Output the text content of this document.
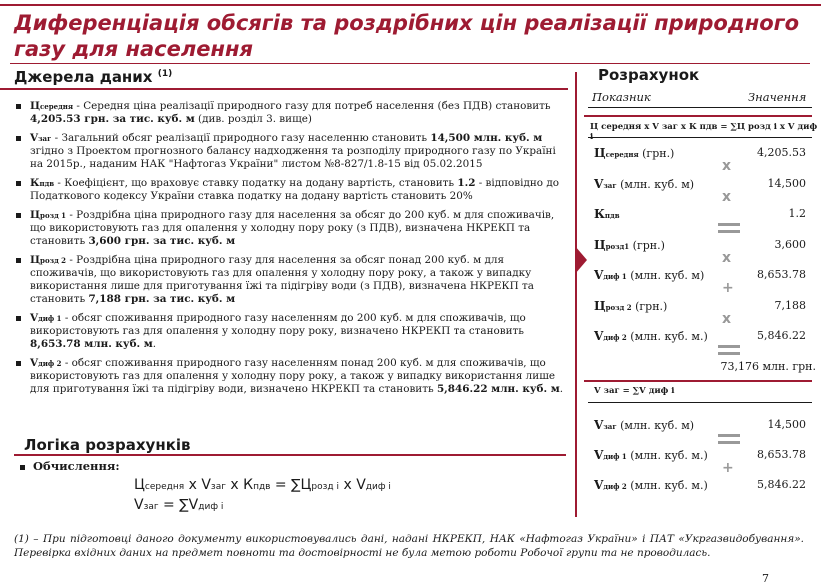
Диференціація обсягів та роздрібних цін реалізації природного газу для населення
Джерела даних $^{(1)}$
Цсередня - Середня ціна реалізації природного газу для потреб населення (без ПДВ) становить 4,205.53 грн. за тис. куб. м (див. розділ 3. вище)
Vзаг - Загальний обсяг реалізації природного газу населенню становить 14,500 млн. куб. м згідно з Проектом прогнозного балансу надходження та розподілу природного газу по Україні на 2015р., наданим НАК "Нафтогаз України" листом №8-827/1.8-15 від 05.02.2015
Кпдв - Коефіцієнт, що враховує ставку податку на додану вартість, становить 1.2 - відповідно до Податкового кодексу України ставка податку на додану вартість становить 20%
Црозд 1 - Роздрібна ціна природного газу для населення за обсяг до 200 куб. м для споживачів, що використовують газ для опалення у холодну пору року (з ПДВ), визначена НКРЕКП та становить 3,600 грн. за тис. куб. м
Црозд 2 - Роздрібна ціна природного газу для населення за обсяг понад 200 куб. м для споживачів, що використовують газ для опалення у холодну пору року, а також у випадку використання лише для приготування їжі та підігріву води (з ПДВ), визначена НКРЕКП та становить 7,188 грн. за тис. куб. м
Vдиф 1 - обсяг споживання природного газу населенням до 200 куб. м для споживачів, що використовують газ для опалення у холодну пору року, визначено НКРЕКП та становить 8,653.78 млн. куб. м.
Vдиф 2 - обсяг споживання природного газу населенням понад 200 куб. м для споживачів, що використовують газ для опалення у холодну пору року, а також у випадку використання лише для приготування їжі та підігріву води, визначено НКРЕКП та становить 5,846.22 млн. куб. м.
Логіка розрахунків
Обчислення:
Цсередня x Vзаг x Кпдв = ∑Црозд і x Vдиф і
Vзаг = ∑Vдиф і
(1) – При підготовці даного документу використовувались дані, надані НКРЕКП, НАК «Нафтогаз України» і ПАТ «Укргазвидобування». Перевірка вхідних даних на предмет повноти та достовірності не була метою роботи Робочої групи та не проводилась.
7
Розрахунок
Показник	Значення
Ц середня х V заг х К пдв = ∑Ц розд і х V диф
Цсередня (грн.)	4,205.53
Vзаг (млн. куб. м)	14,500
Кпдв	1.2
Црозд1 (грн.)	3,600
Vдиф 1 (млн. куб. м)	8,653.78
Црозд 2 (грн.)	7,188
Vдиф 2 (млн. куб. м.)	5,846.22
x
x
x
+
x
73,176 млн. грн.
V заг = ∑V диф і
Vзаг (млн. куб. м)	14,500
Vдиф 1 (млн. куб. м.)	8,653.78
Vдиф 2 (млн. куб. м.)	5,846.22
+
